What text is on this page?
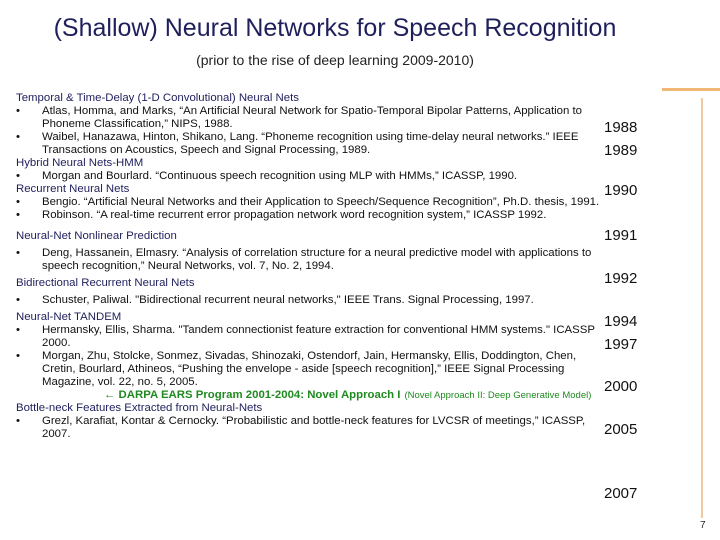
(Shallow) Neural Networks for Speech Recognition
(prior to the rise of deep learning 2009-2010)
Temporal & Time-Delay (1-D Convolutional) Neural Nets
• Atlas, Homma, and Marks, “An Artificial Neural Network for Spatio-Temporal Bipolar Patterns, Application to Phoneme Classification,” NIPS, 1988.
• Waibel, Hanazawa, Hinton, Shikano, Lang. “Phoneme recognition using time-delay neural networks.” IEEE Transactions on Acoustics, Speech and Signal Processing, 1989.
Hybrid Neural Nets-HMM
• Morgan and Bourlard. “Continuous speech recognition using MLP with HMMs,” ICASSP, 1990.
Recurrent Neural Nets
• Bengio. “Artificial Neural Networks and their Application to Speech/Sequence Recognition”, Ph.D. thesis, 1991.
• Robinson. “A real-time recurrent error propagation network word recognition system,” ICASSP 1992.
Neural-Net Nonlinear Prediction
• Deng, Hassanein, Elmasry. “Analysis of correlation structure for a neural predictive model with applications to speech recognition,” Neural Networks, vol. 7, No. 2, 1994.
Bidirectional Recurrent Neural Nets
• Schuster, Paliwal. "Bidirectional recurrent neural networks," IEEE Trans. Signal Processing, 1997.
Neural-Net TANDEM
• Hermansky, Ellis, Sharma. "Tandem connectionist feature extraction for conventional HMM systems." ICASSP 2000.
• Morgan, Zhu, Stolcke, Sonmez, Sivadas, Shinozaki, Ostendorf, Jain, Hermansky, Ellis, Doddington, Chen, Cretin, Bourlard, Athineos, “Pushing the envelope - aside [speech recognition],” IEEE Signal Processing Magazine, vol. 22, no. 5, 2005.
← DARPA EARS Program 2001-2004: Novel Approach I (Novel Approach II: Deep Generative Model)
Bottle-neck Features Extracted from Neural-Nets
• Grezl, Karafiat, Kontar & Cernocky. “Probabilistic and bottle-neck features for LVCSR of meetings,” ICASSP, 2007.
1988
1989
1990
1991
1992
1994
1997
2000
2005
2007
7
